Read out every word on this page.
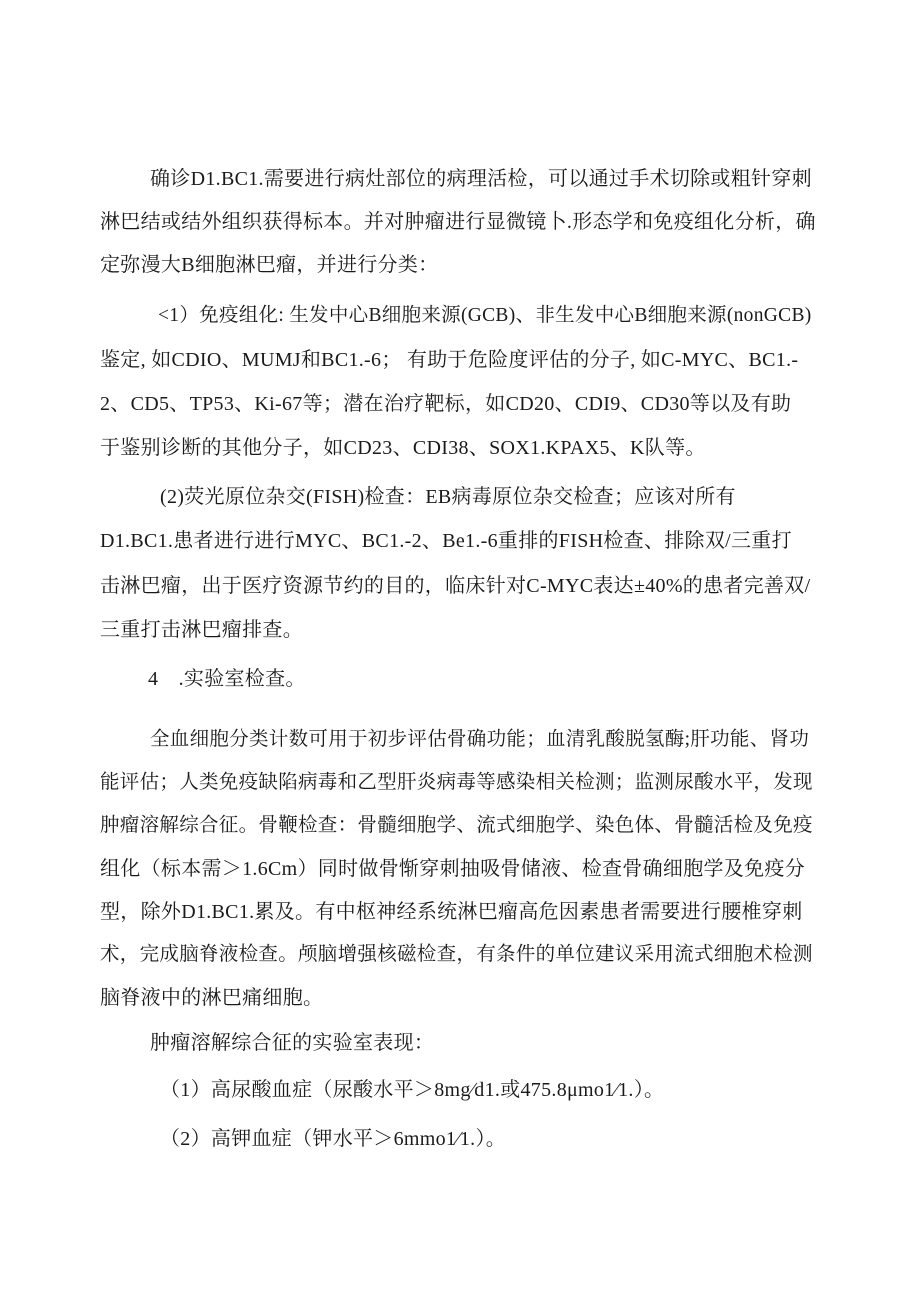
确诊D1.BC1.需要进行病灶部位的病理活检，可以通过手术切除或粗针穿刺

淋巴结或结外组织获得标本。并对肿瘤进行显微镜卜.形态学和免疫组化分析，确

定弥漫大B细胞淋巴瘤，并进行分类：

<1）免疫组化: 生发中心B细胞来源(GCB)、非生发中心B细胞来源(nonGCB)

鉴定, 如CDIO、MUMJ和BC1.-6； 有助于危险度评估的分子, 如C-MYC、BC1.-

2、CD5、TP53、Ki-67等；潜在治疗靶标，如CD20、CDI9、CD30等以及有助

于鉴别诊断的其他分子，如CD23、CDI38、SOX1.KPAX5、K队等。

(2)荧光原位杂交(FISH)检查：EB病毒原位杂交检查；应该对所有

D1.BC1.患者进行进行MYC、BC1.-2、Be1.-6重排的FISH检查、排除双/三重打

击淋巴瘤，出于医疗资源节约的目的，临床针对C-MYC表达±40%的患者完善双/

三重打击淋巴瘤排查。

4　.实验室检查。

全血细胞分类计数可用于初步评估骨确功能；血清乳酸脱氢酶;肝功能、肾功

能评估；人类免疫缺陷病毒和乙型肝炎病毒等感染相关检测；监测尿酸水平，发现

肿瘤溶解综合征。骨鞭检查：骨髓细胞学、流式细胞学、染色体、骨髓活检及免疫

组化（标本需＞1.6Cm）同时做骨惭穿刺抽吸骨储液、检查骨确细胞学及免疫分

型，除外D1.BC1.累及。有中枢神经系统淋巴瘤高危因素患者需要进行腰椎穿刺

术，完成脑脊液检查。颅脑增强核磁检查，有条件的单位建议采用流式细胞术检测

脑脊液中的淋巴痛细胞。

肿瘤溶解综合征的实验室表现：

（1）高尿酸血症（尿酸水平＞8mg∕d1.或475.8μmo1∕1.）。

（2）高钾血症（钾水平＞6mmo1∕1.）。
